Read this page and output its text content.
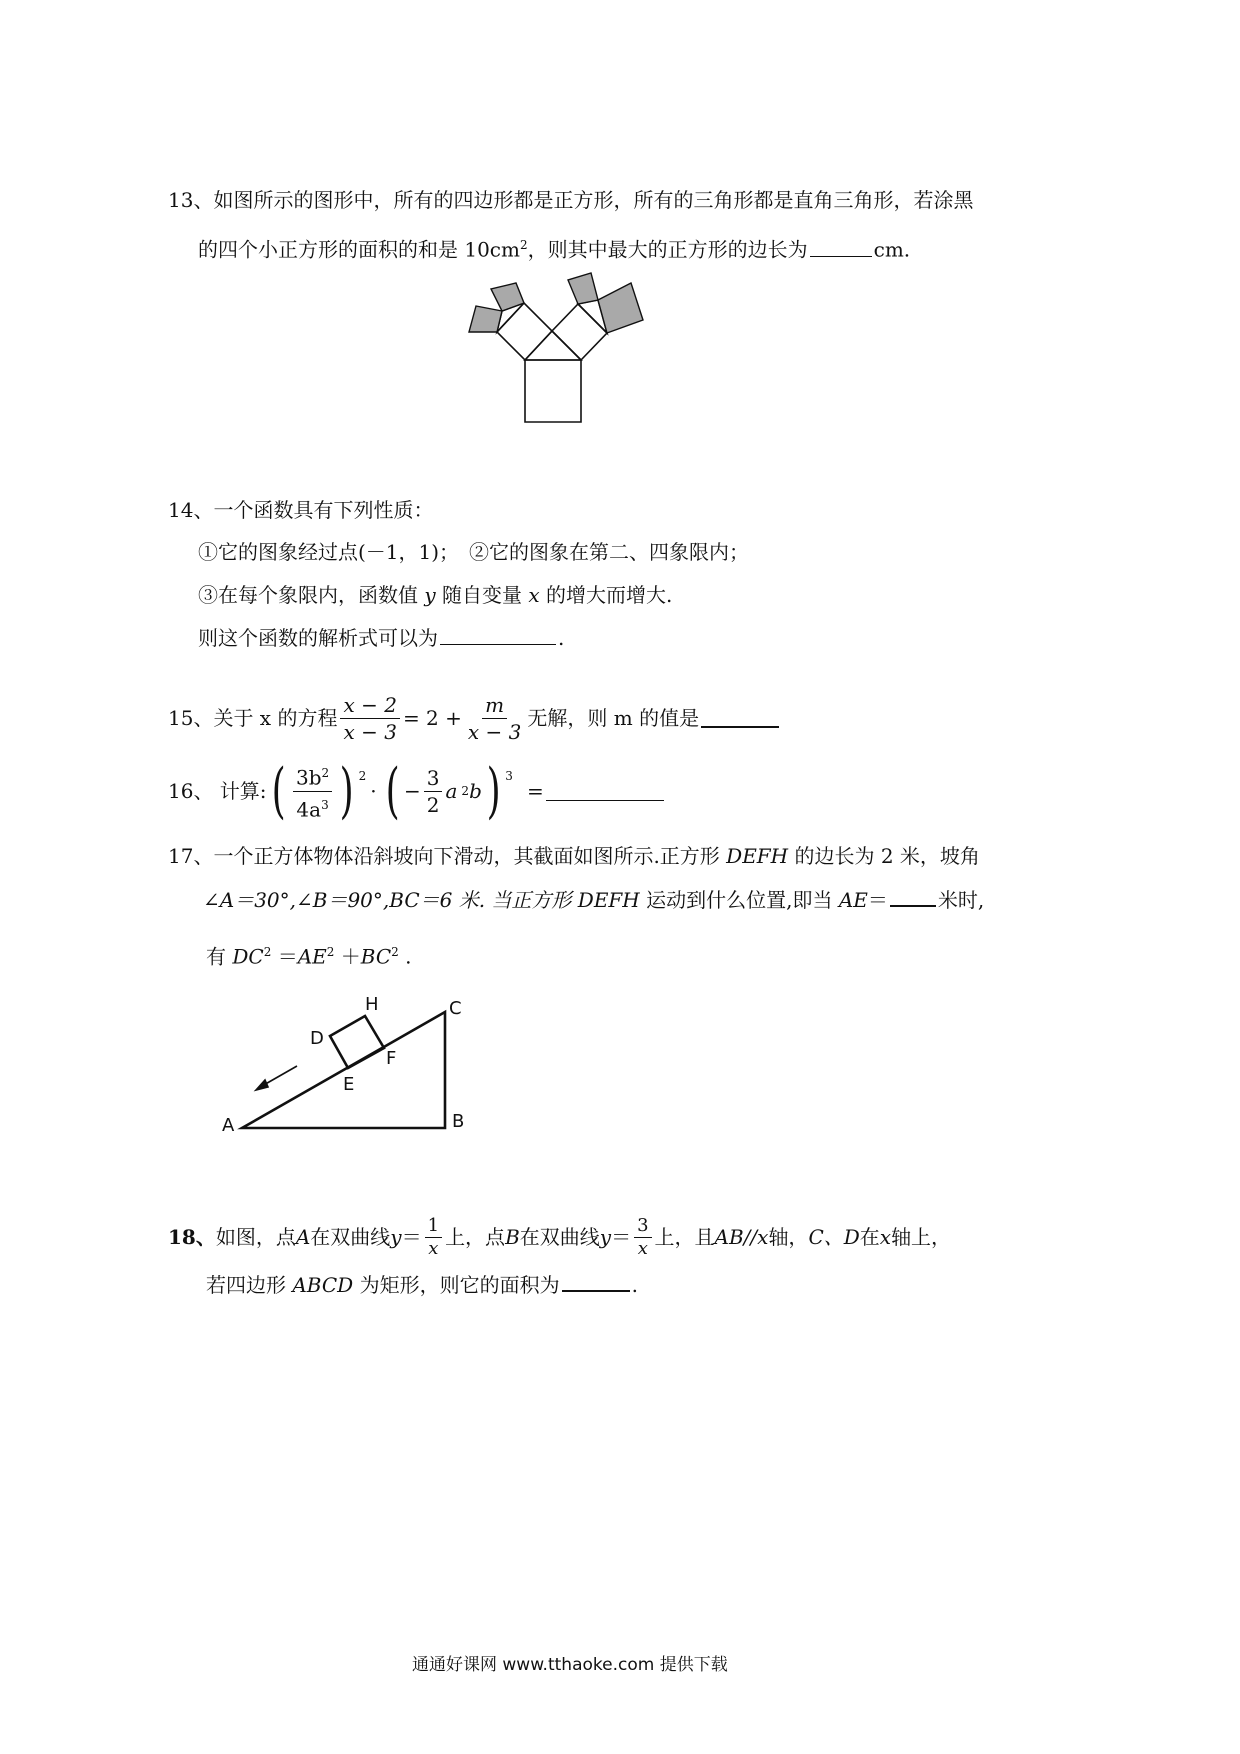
13、如图所示的图形中，所有的四边形都是正方形，所有的三角形都是直角三角形，若涂黑
的四个小正方形的面积的和是 $10cm^2$，则其中最大的正方形的边长为	cm.
14、一个函数具有下列性质：
①它的图象经过点(－1，1)；　②它的图象在第二、四象限内；
③在每个象限内，函数值 y 随自变量 x 的增大而增大.
则这个函数的解析式可以为	.
15、关于 x 的方程 $\frac{x - 2}{x - 3} = 2 + \frac{m}{x - 3}$ 无解，则 m 的值是
16、 计算: ( $\frac{3b^2}{4a^3}$ ) $^2$
· ( − $\frac{3}{2}$ a 2 b ) $^3$
=
17、一个正方体物体沿斜坡向下滑动，其截面如图所示.正方形 DEFH 的边长为 2 米，坡角
∠A＝30°,∠B＝90°,BC＝6 米. 当正方形 DEFH 运动到什么位置,即当 AE＝	米时,
有 $DC^2 =AE^2 +BC^2$ .
A	B
C
D
E
F
H
18、 如图，点 A 在双曲线 $y = \frac{1}{x}$ 上，点 B 在双曲线 $y = \frac{3}{x}$ 上，且 AB // x 轴， C、D 在 x 轴上，
若四边形 ABCD 为矩形，则它的面积为	.
通通好课网 www.tthaoke.com 提供下载
